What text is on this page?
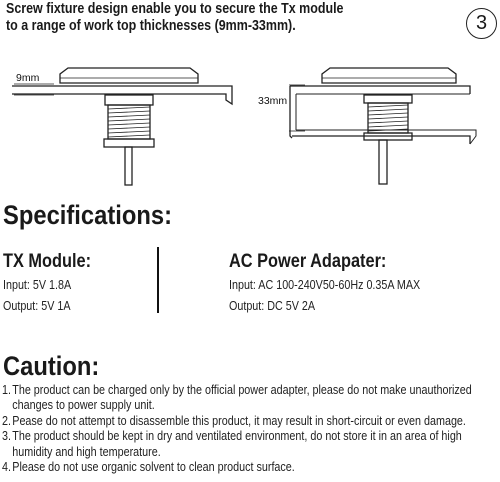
Screw fixture design enable you to secure the Tx module
to a range of work top thicknesses (9mm-33mm).	3
9mm
33mm
Specifications:
TX Module:
Input: 5V 1.8A
Output: 5V 1A
AC Power Adapater:
Input: AC 100-240V50-60Hz 0.35A MAX
Output: DC 5V 2A
Caution:
1. The product can be charged only by the official power adapter, please do not make unauthorized changes to power supply unit.
2. Pease do not attempt to disassemble this product, it may result in short-circuit or even damage.
3. The product should be kept in dry and ventilated environment, do not store it in an area of high humidity and high temperature.
4. Please do not use organic solvent to clean product surface.
